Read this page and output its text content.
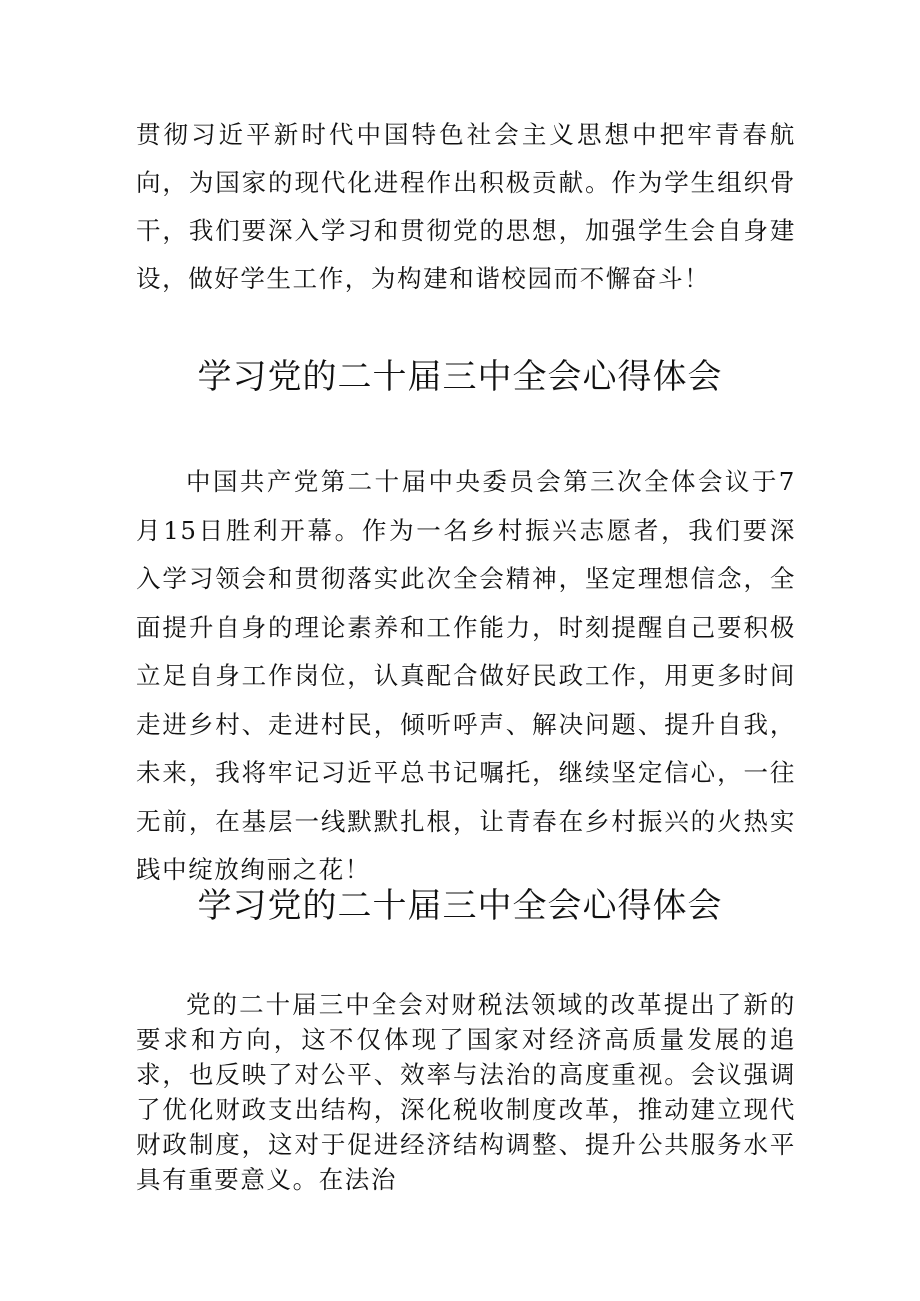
贯彻习近平新时代中国特色社会主义思想中把牢青春航向，为国家的现代化进程作出积极贡献。作为学生组织骨干，我们要深入学习和贯彻党的思想，加强学生会自身建设，做好学生工作，为构建和谐校园而不懈奋斗！

学习党的二十届三中全会心得体会

中国共产党第二十届中央委员会第三次全体会议于7月15日胜利开幕。作为一名乡村振兴志愿者，我们要深入学习领会和贯彻落实此次全会精神，坚定理想信念，全面提升自身的理论素养和工作能力，时刻提醒自己要积极立足自身工作岗位，认真配合做好民政工作，用更多时间走进乡村、走进村民，倾听呼声、解决问题、提升自我，未来，我将牢记习近平总书记嘱托，继续坚定信心，一往无前，在基层一线默默扎根，让青春在乡村振兴的火热实践中绽放绚丽之花！

学习党的二十届三中全会心得体会

党的二十届三中全会对财税法领域的改革提出了新的要求和方向，这不仅体现了国家对经济高质量发展的追求，也反映了对公平、效率与法治的高度重视。会议强调了优化财政支出结构，深化税收制度改革，推动建立现代财政制度，这对于促进经济结构调整、提升公共服务水平具有重要意义。在法治
